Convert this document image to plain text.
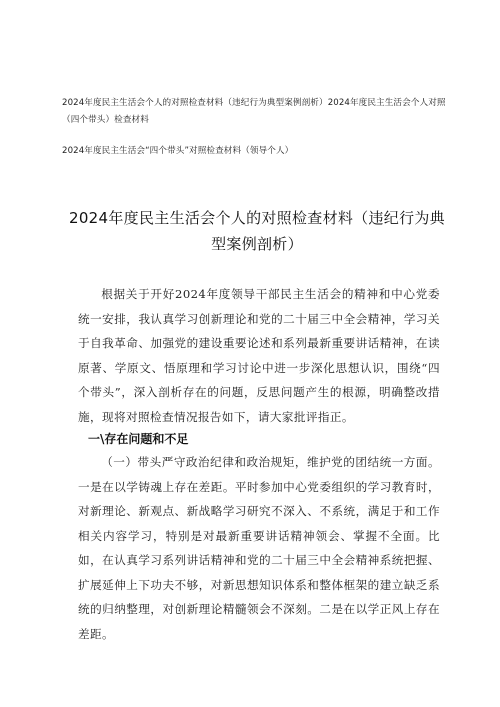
2024年度民主生活会个人的对照检查材料（违纪行为典型案例剖析）2024年度民主生活会个人对照（四个带头）检查材料
2024年度民主生活会“四个带头”对照检查材料（领导个人）
2024年度民主生活会个人的对照检查材料（违纪行为典型案例剖析）
根据关于开好2024年度领导干部民主生活会的精神和中心党委统一安排，我认真学习创新理论和党的二十届三中全会精神，学习关于自我革命、加强党的建设重要论述和系列最新重要讲话精神，在读原著、学原文、悟原理和学习讨论中进一步深化思想认识，围绕“四个带头”，深入剖析存在的问题，反思问题产生的根源，明确整改措施，现将对照检查情况报告如下，请大家批评指正。
一\存在问题和不足
（一）带头严守政治纪律和政治规矩，维护党的团结统一方面。一是在以学铸魂上存在差距。平时参加中心党委组织的学习教育时，对新理论、新观点、新战略学习研究不深入、不系统，满足于和工作相关内容学习，特别是对最新重要讲话精神领会、掌握不全面。比如，在认真学习系列讲话精神和党的二十届三中全会精神系统把握、扩展延伸上下功夫不够，对新思想知识体系和整体框架的建立缺乏系统的归纳整理，对创新理论精髓领会不深刻。二是在以学正风上存在差距。
